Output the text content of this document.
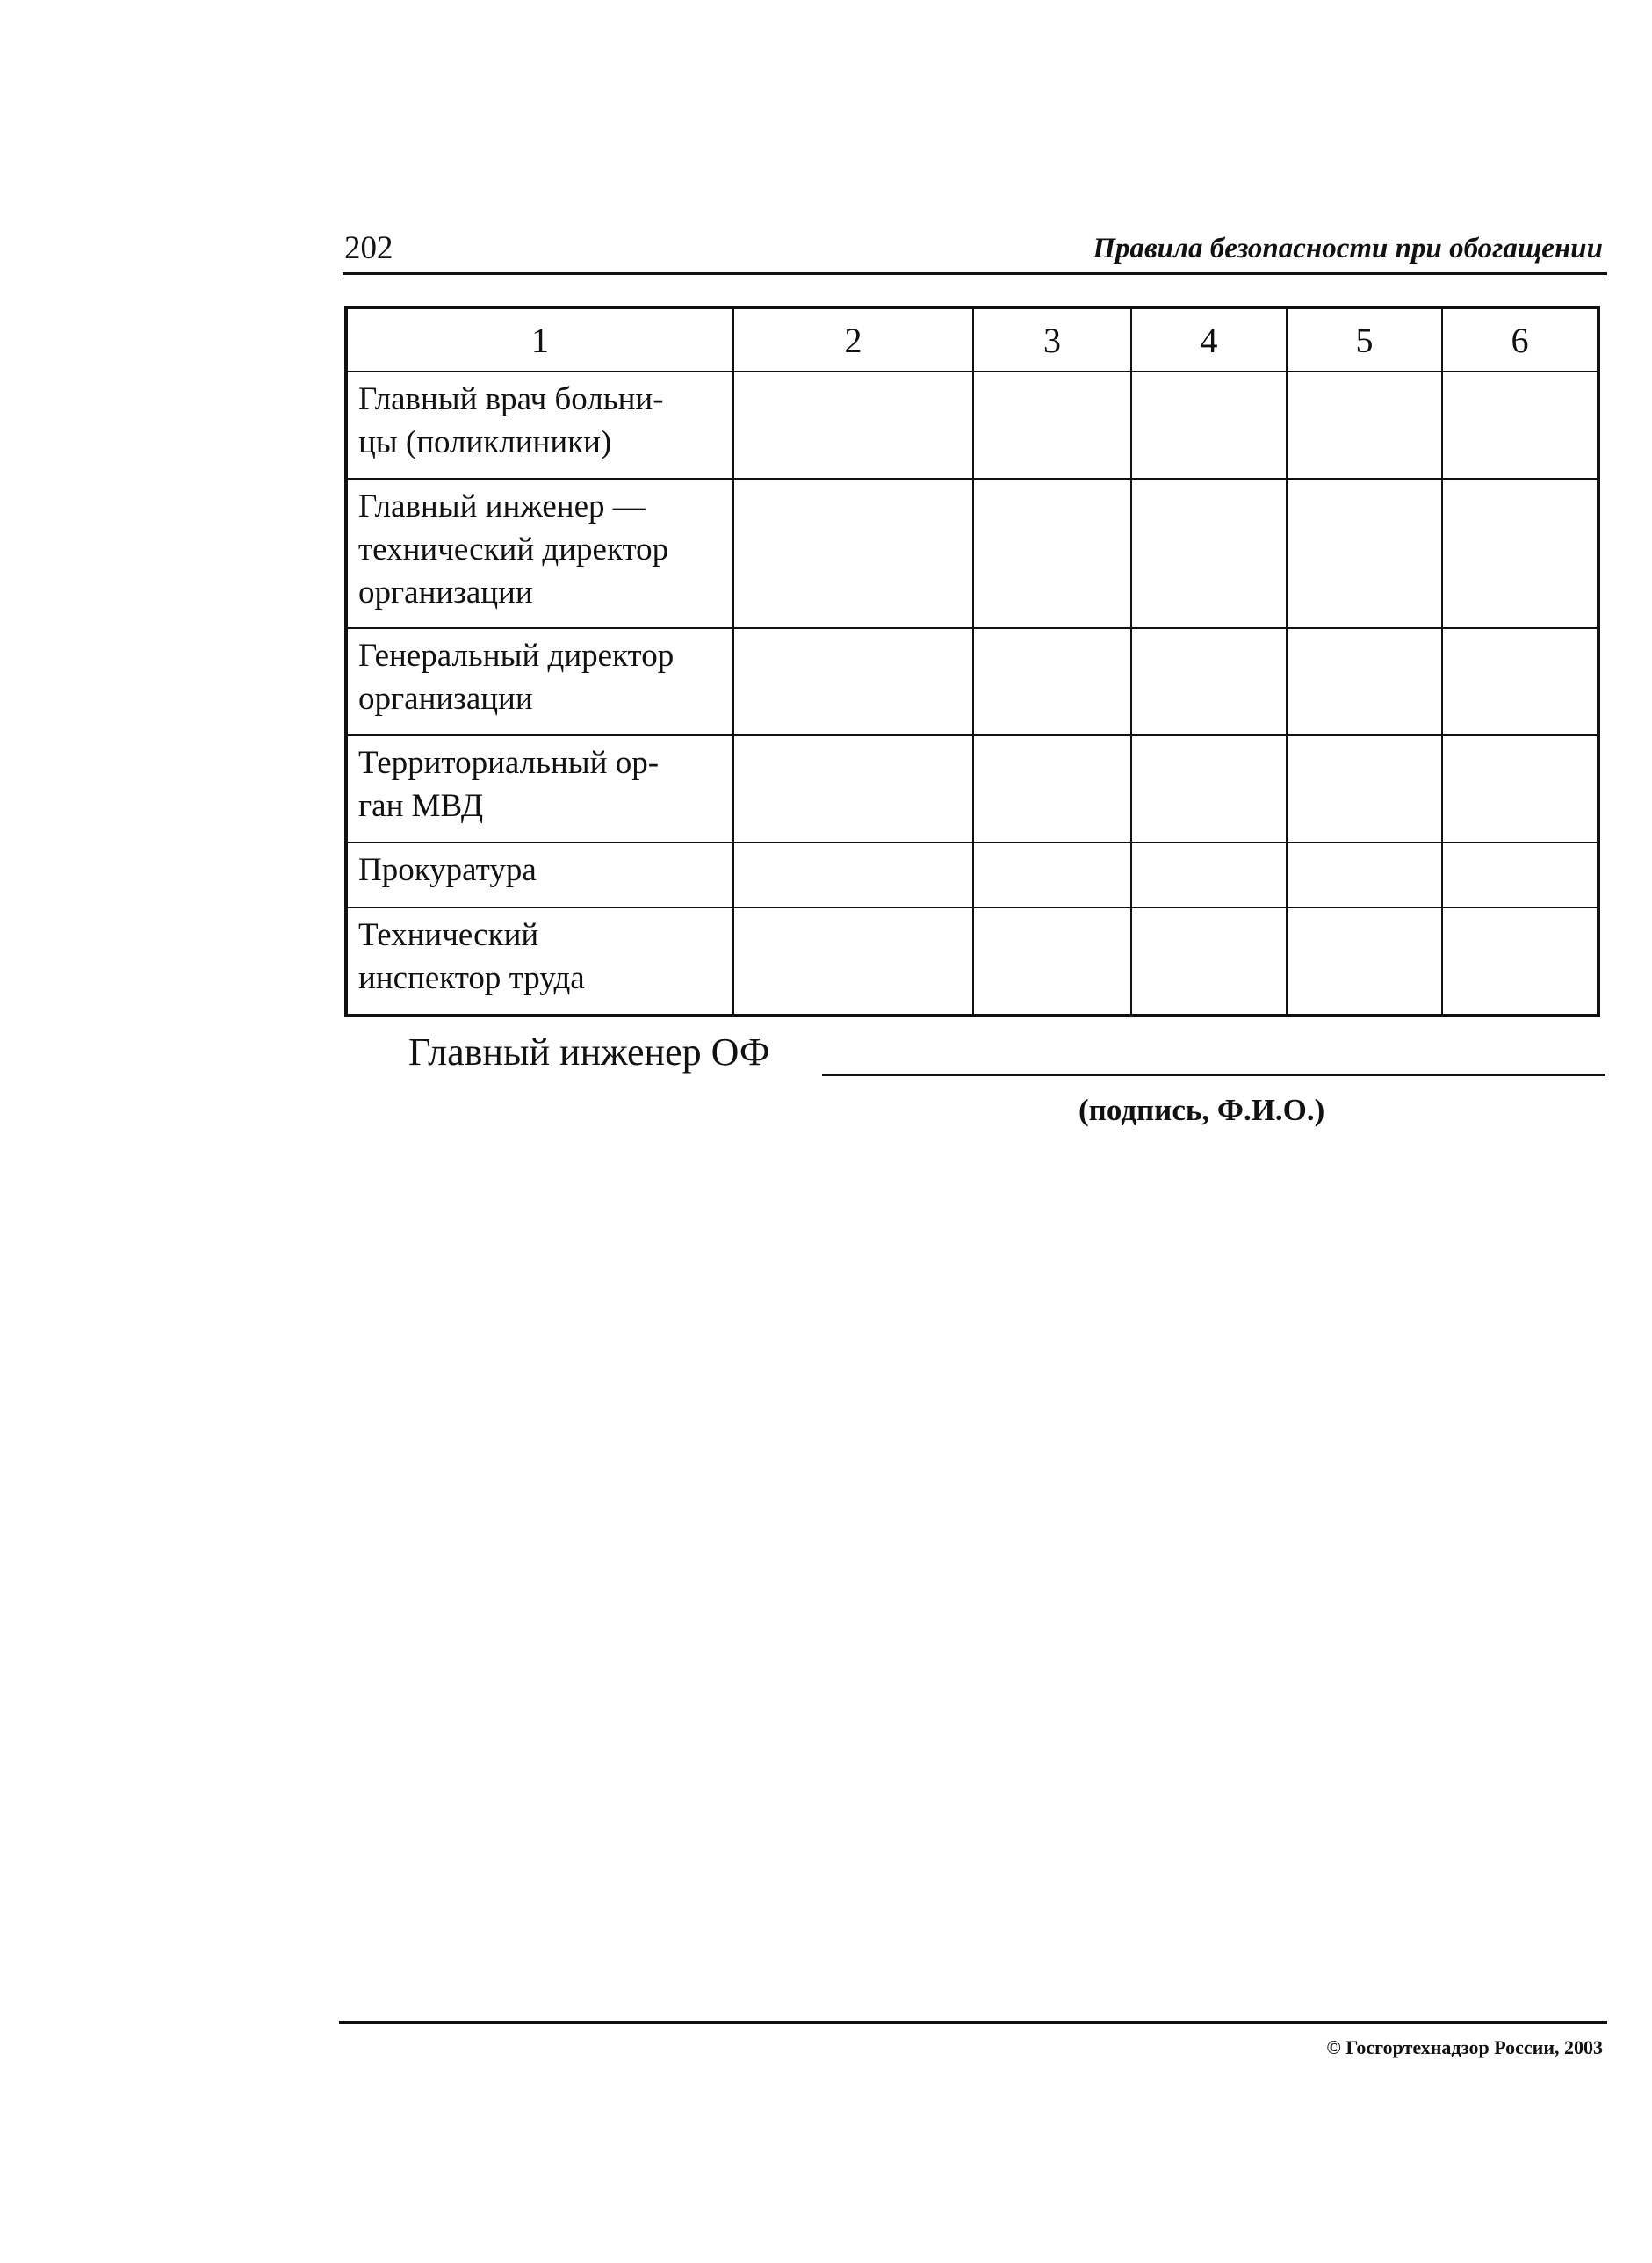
202	Правила безопасности при обогащении
1	2	3	4	5	6

Главный врач больни-
цы (поликлиники)					

Главный инженер —
технический директор
организации					

Генеральный директор
организации					

Территориальный ор-
ган МВД					

Прокуратура					

Технический
инспектор труда					

Главный инженер ОФ
(подпись, Ф.И.О.)
© Госгортехнадзор России, 2003
